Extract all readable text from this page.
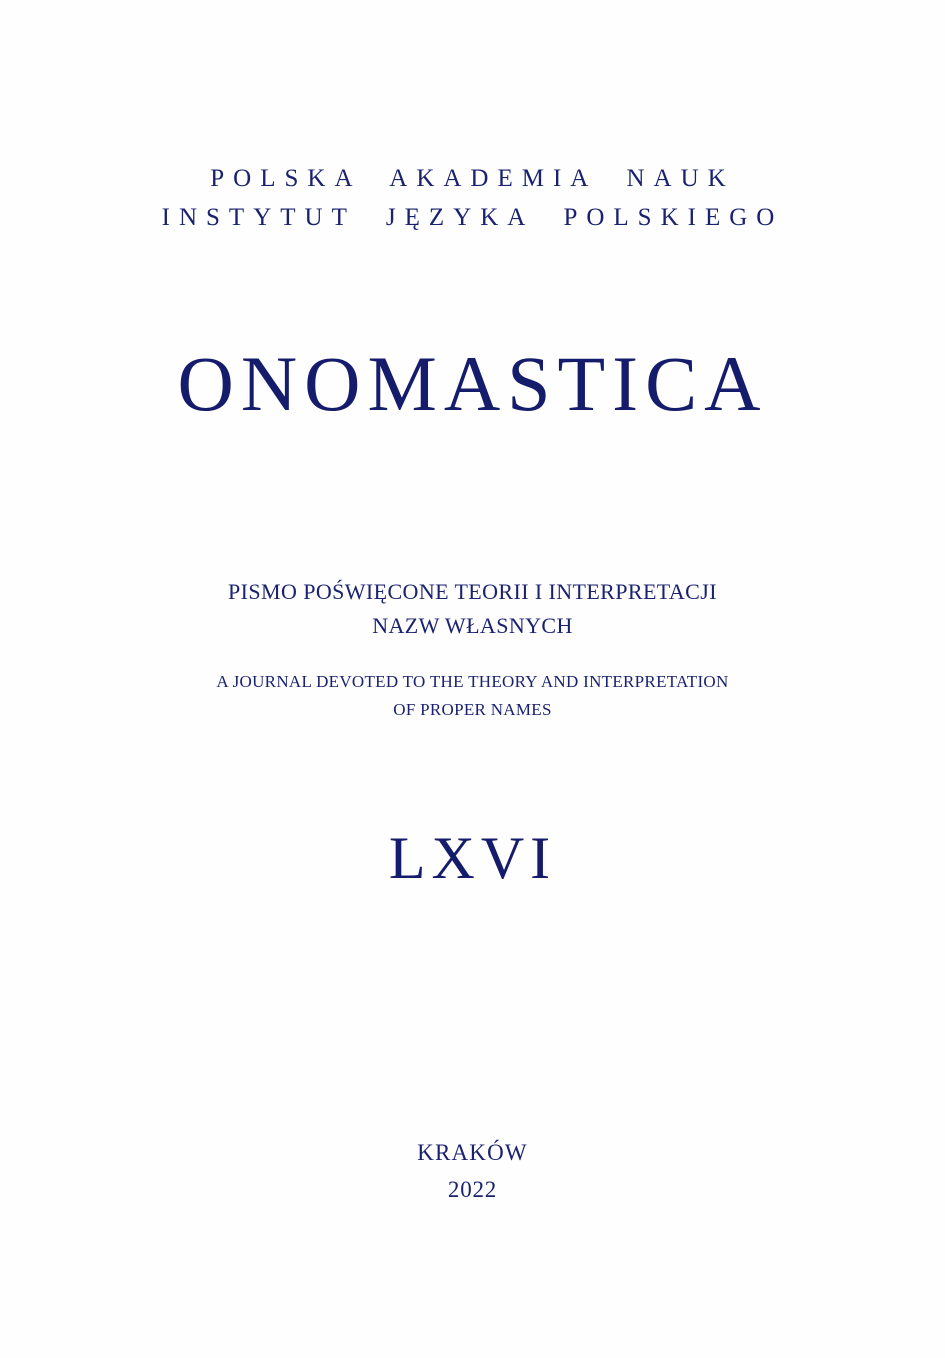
POLSKA  AKADEMIA  NAUK
INSTYTUT  JĘZYKA  POLSKIEGO
ONOMASTICA
PISMO POŚWIĘCONE TEORII I INTERPRETACJI
NAZW WŁASNYCH
A JOURNAL DEVOTED TO THE THEORY AND INTERPRETATION
OF PROPER NAMES
LXVI
KRAKÓW
2022
